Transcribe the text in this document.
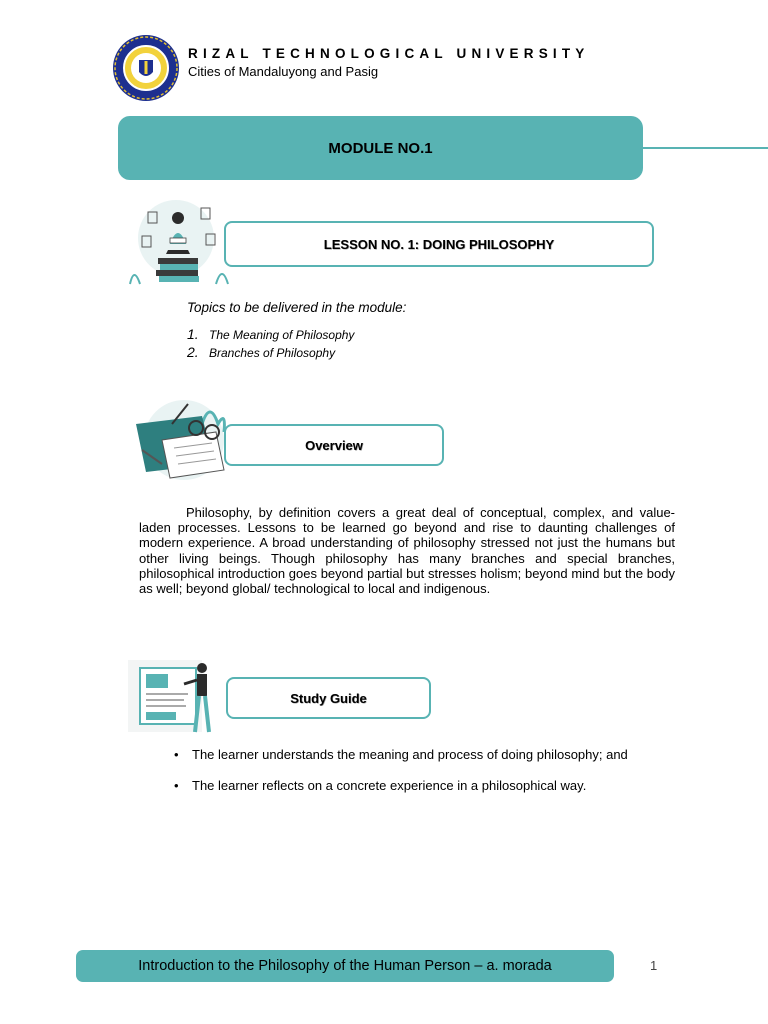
RIZAL TECHNOLOGICAL UNIVERSITY
Cities of Mandaluyong and Pasig
MODULE NO.1
LESSON NO. 1: DOING PHILOSOPHY
Topics to be delivered in the module:
1. The Meaning of Philosophy
2. Branches of Philosophy
Overview

Philosophy, by definition covers a great deal of conceptual, complex, and value-laden processes. Lessons to be learned go beyond and rise to daunting challenges of modern experience. A broad understanding of philosophy stressed not just the humans but other living beings. Though philosophy has many branches and special branches, philosophical introduction goes beyond partial but stresses holism; beyond mind but the body as well; beyond global/ technological to local and indigenous.

Study Guide
•	The learner understands the meaning and process of doing philosophy; and
•	The learner reflects on a concrete experience in a philosophical way.
Introduction to the Philosophy of the Human Person – a. morada	1
